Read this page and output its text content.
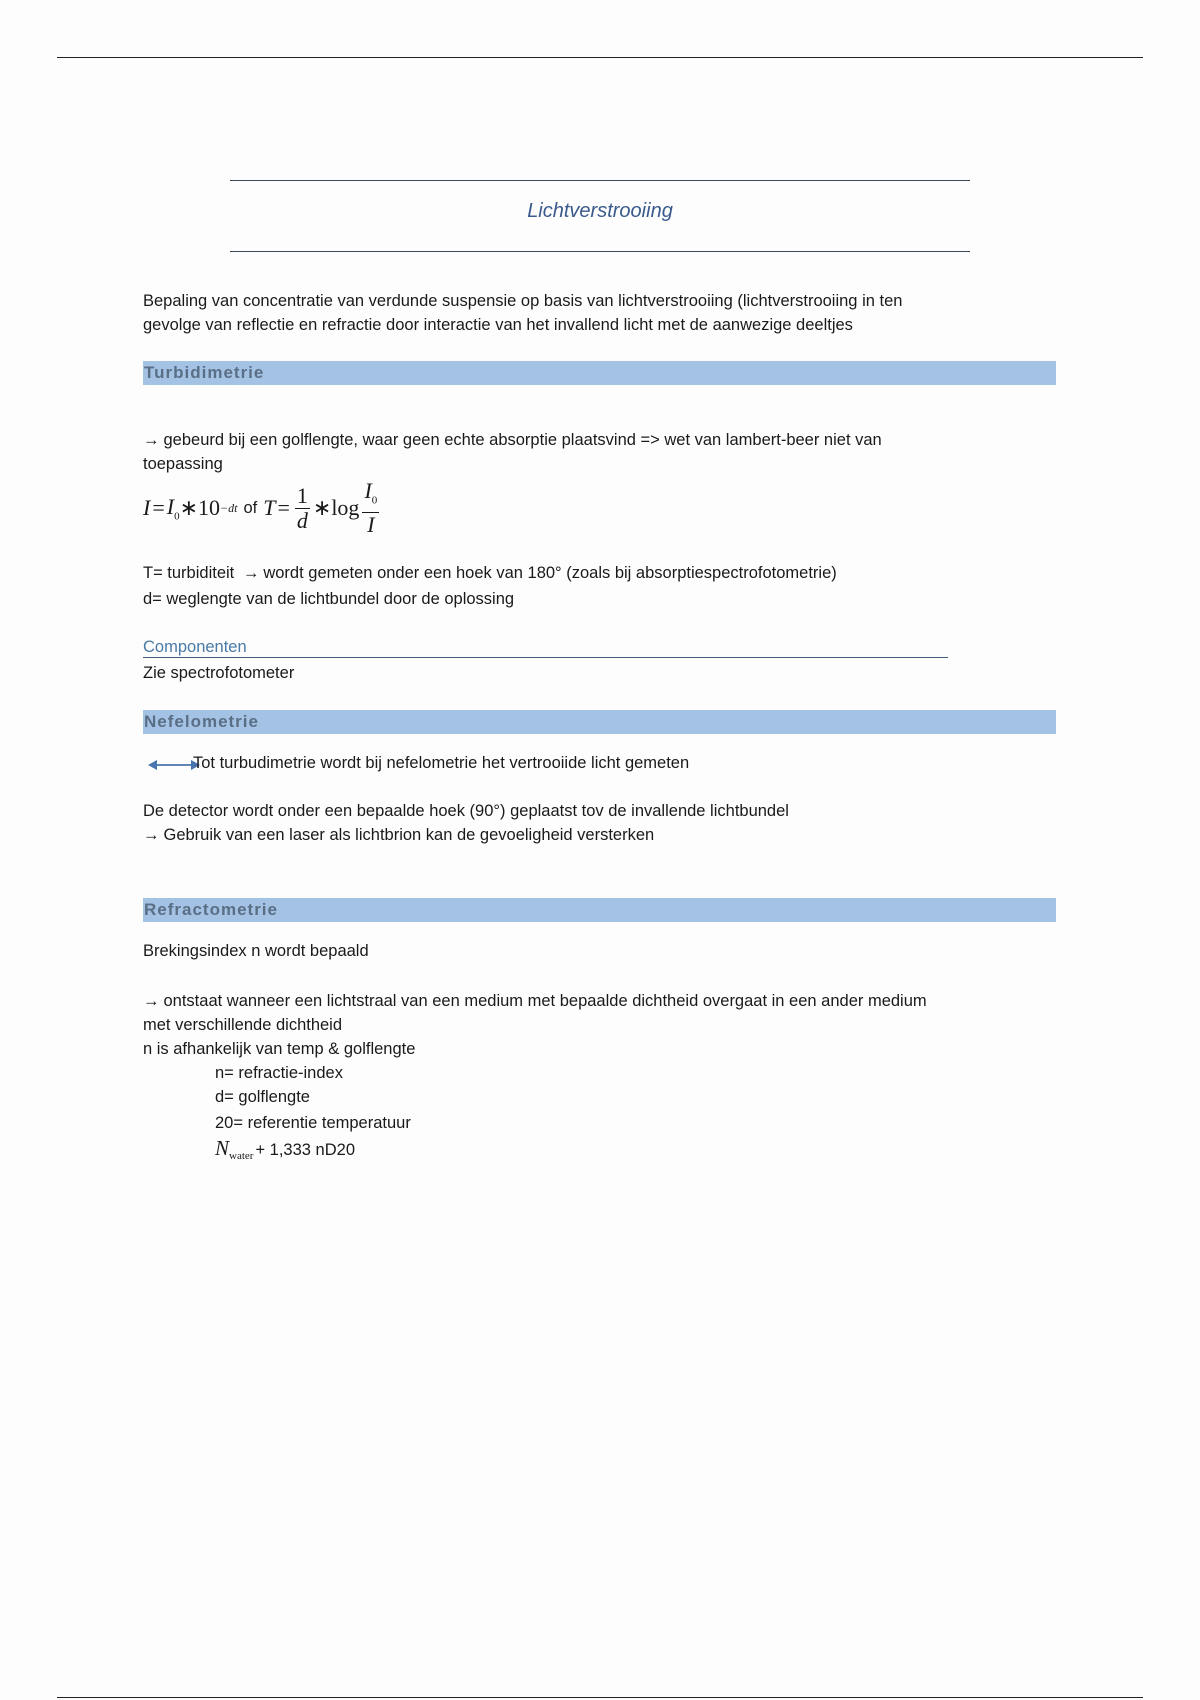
Lichtverstrooiing
Bepaling van concentratie van verdunde suspensie op basis van lichtverstrooiing (lichtverstrooiing in ten
gevolge van reflectie en refractie door interactie van het invallend licht met de aanwezige deeltjes
Turbidimetrie
→ gebeurd bij een golflengte, waar geen echte absorptie plaatsvind => wet van lambert-beer niet van
toepassing
$I = I_0$ ∗10 −dt of $T = \frac{1}{d}$ ∗log $\frac{I_0}{I}$
T= turbiditeit → wordt gemeten onder een hoek van 180° (zoals bij absorptiespectrofotometrie)
d= weglengte van de lichtbundel door de oplossing
Componenten
Zie spectrofotometer
Nefelometrie
Tot turbudimetrie wordt bij nefelometrie het vertrooiide licht gemeten
De detector wordt onder een bepaalde hoek (90°) geplaatst tov de invallende lichtbundel
→ Gebruik van een laser als lichtbrion kan de gevoeligheid versterken
Refractometrie
Brekingsindex n wordt bepaald
→ ontstaat wanneer een lichtstraal van een medium met bepaalde dichtheid overgaat in een ander medium
met verschillende dichtheid
n is afhankelijk van temp & golflengte
n= refractie-index
d= golflengte
20= referentie temperatuur
$N_{water} + 1,333$ nD20
